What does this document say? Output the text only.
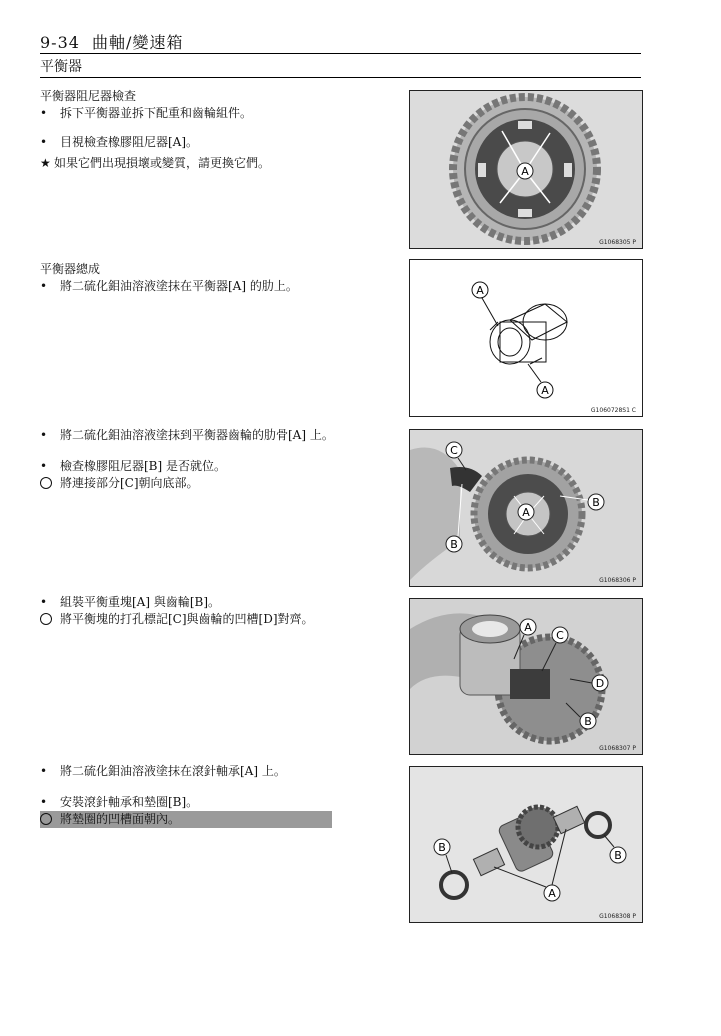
9-34 曲軸/變速箱
平衡器
平衡器阻尼器檢查
• 拆下平衡器並拆下配重和齒輪組件。
• 目視檢查橡膠阻尼器[A]。
★ 如果它們出現損壞或變質，請更換它們。
平衡器總成
• 將二硫化鉬油溶液塗抹在平衡器[A] 的肋上。
• 將二硫化鉬油溶液塗抹到平衡器齒輪的肋骨[A] 上。
• 檢查橡膠阻尼器[B] 是否就位。
將連接部分[C]朝向底部。
• 組裝平衡重塊[A] 與齒輪[B]。
將平衡塊的打孔標記[C]與齒輪的凹槽[D]對齊。
• 將二硫化鉬油溶液塗抹在滾針軸承[A] 上。
• 安裝滾針軸承和墊圈[B]。
將墊圈的凹槽面朝內。
A
G1068305 P
A
A
G1060728S1 C
C
A
B
B
G1068306 P
A
C
D
B
G1068307 P
B
B
A
G1068308 P
